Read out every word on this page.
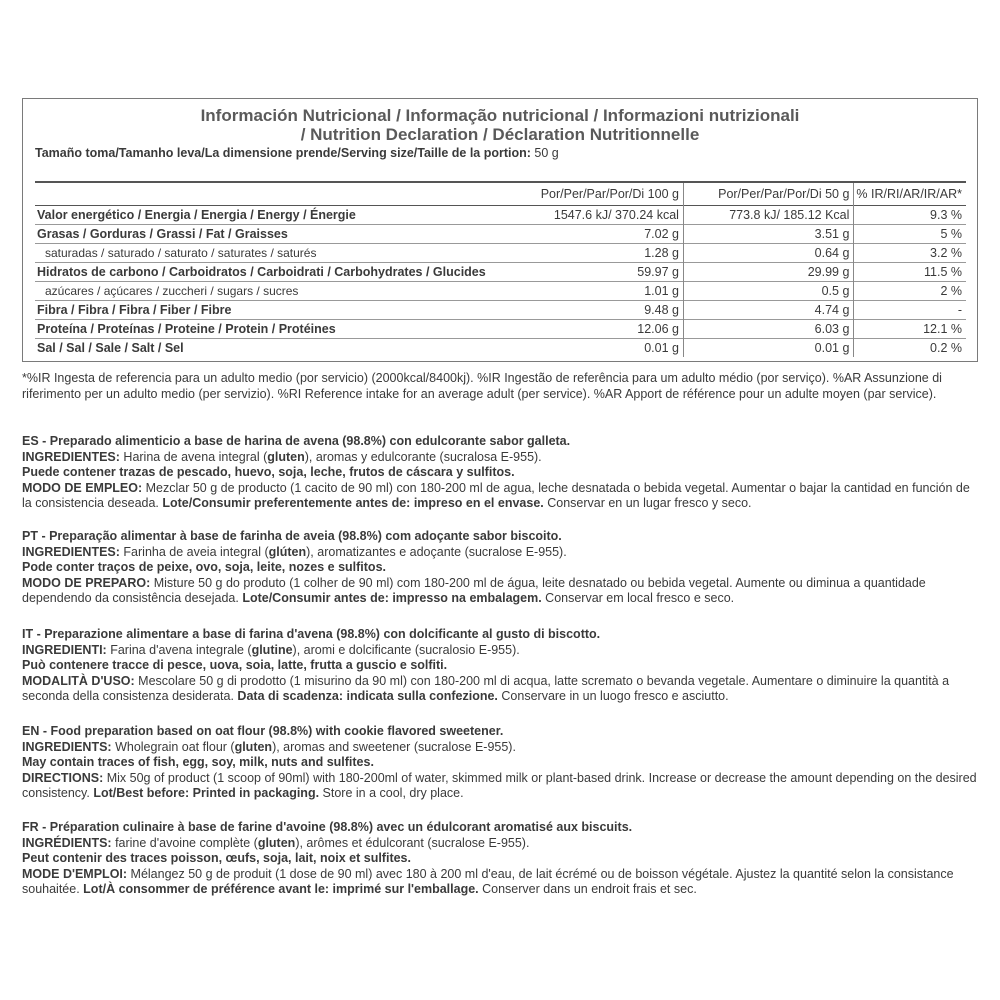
Información Nutricional / Informação nutricional / Informazioni nutrizionali
/ Nutrition Declaration / Déclaration Nutritionnelle
Tamaño toma/Tamanho leva/La dimensione prende/Serving size/Taille de la portion: 50 g
	Por/Per/Par/Por/Di 100 g	Por/Per/Par/Por/Di 50 g	% IR/RI/AR/IR/AR*
Valor energético / Energia / Energia / Energy / Énergie	1547.6 kJ/ 370.24 kcal	773.8 kJ/ 185.12 Kcal	9.3 %
Grasas / Gorduras / Grassi / Fat / Graisses	7.02 g	3.51 g	5 %
saturadas / saturado / saturato / saturates / saturés	1.28 g	0.64 g	3.2 %
Hidratos de carbono / Carboidratos / Carboidrati / Carbohydrates / Glucides	59.97 g	29.99 g	11.5 %
azúcares / açúcares / zuccheri / sugars / sucres	1.01 g	0.5 g	2 %
Fibra / Fibra / Fibra / Fiber / Fibre	9.48 g	4.74 g	-
Proteína / Proteínas / Proteine / Protein / Protéines	12.06 g	6.03 g	12.1 %
Sal / Sal / Sale / Salt / Sel	0.01 g	0.01 g	0.2 %
*%IR Ingesta de referencia para un adulto medio (por servicio) (2000kcal/8400kj). %IR Ingestão de referência para um adulto médio (por serviço). %AR Assunzione di riferimento per un adulto medio (per servizio). %RI Reference intake for an average adult (per service). %AR Apport de référence pour un adulte moyen (par service).

ES - Preparado alimenticio a base de harina de avena (98.8%) con edulcorante sabor galleta.

INGREDIENTES: Harina de avena integral (gluten), aromas y edulcorante (sucralosa E-955).

Puede contener trazas de pescado, huevo, soja, leche, frutos de cáscara y sulfitos.

MODO DE EMPLEO: Mezclar 50 g de producto (1 cacito de 90 ml) con 180-200 ml de agua, leche desnatada o bebida vegetal. Aumentar o bajar la cantidad en función de la consistencia deseada. Lote/Consumir preferentemente antes de: impreso en el envase. Conservar en un lugar fresco y seco.

PT - Preparação alimentar à base de farinha de aveia (98.8%) com adoçante sabor biscoito.

INGREDIENTES: Farinha de aveia integral (glúten), aromatizantes e adoçante (sucralose E-955).

Pode conter traços de peixe, ovo, soja, leite, nozes e sulfitos.

MODO DE PREPARO: Misture 50 g do produto (1 colher de 90 ml) com 180-200 ml de água, leite desnatado ou bebida vegetal. Aumente ou diminua a quantidade dependendo da consistência desejada. Lote/Consumir antes de: impresso na embalagem. Conservar em local fresco e seco.

IT - Preparazione alimentare a base di farina d'avena (98.8%) con dolcificante al gusto di biscotto.

INGREDIENTI: Farina d'avena integrale (glutine), aromi e dolcificante (sucralosio E-955).

Può contenere tracce di pesce, uova, soia, latte, frutta a guscio e solfiti.

MODALITÀ D'USO: Mescolare 50 g di prodotto (1 misurino da 90 ml) con 180-200 ml di acqua, latte scremato o bevanda vegetale. Aumentare o diminuire la quantità a seconda della consistenza desiderata. Data di scadenza: indicata sulla confezione. Conservare in un luogo fresco e asciutto.

EN - Food preparation based on oat flour (98.8%) with cookie flavored sweetener.

INGREDIENTS: Wholegrain oat flour (gluten), aromas and sweetener (sucralose E-955).

May contain traces of fish, egg, soy, milk, nuts and sulfites.

DIRECTIONS: Mix 50g of product (1 scoop of 90ml) with 180-200ml of water, skimmed milk or plant-based drink. Increase or decrease the amount depending on the desired consistency. Lot/Best before: Printed in packaging. Store in a cool, dry place.

FR - Préparation culinaire à base de farine d'avoine (98.8%) avec un édulcorant aromatisé aux biscuits.

INGRÉDIENTS: farine d'avoine complète (gluten), arômes et édulcorant (sucralose E-955).

Peut contenir des traces poisson, œufs, soja, lait, noix et sulfites.

MODE D'EMPLOI: Mélangez 50 g de produit (1 dose de 90 ml) avec 180 à 200 ml d'eau, de lait écrémé ou de boisson végétale. Ajustez la quantité selon la consistance souhaitée. Lot/À consommer de préférence avant le: imprimé sur l'emballage. Conserver dans un endroit frais et sec.
